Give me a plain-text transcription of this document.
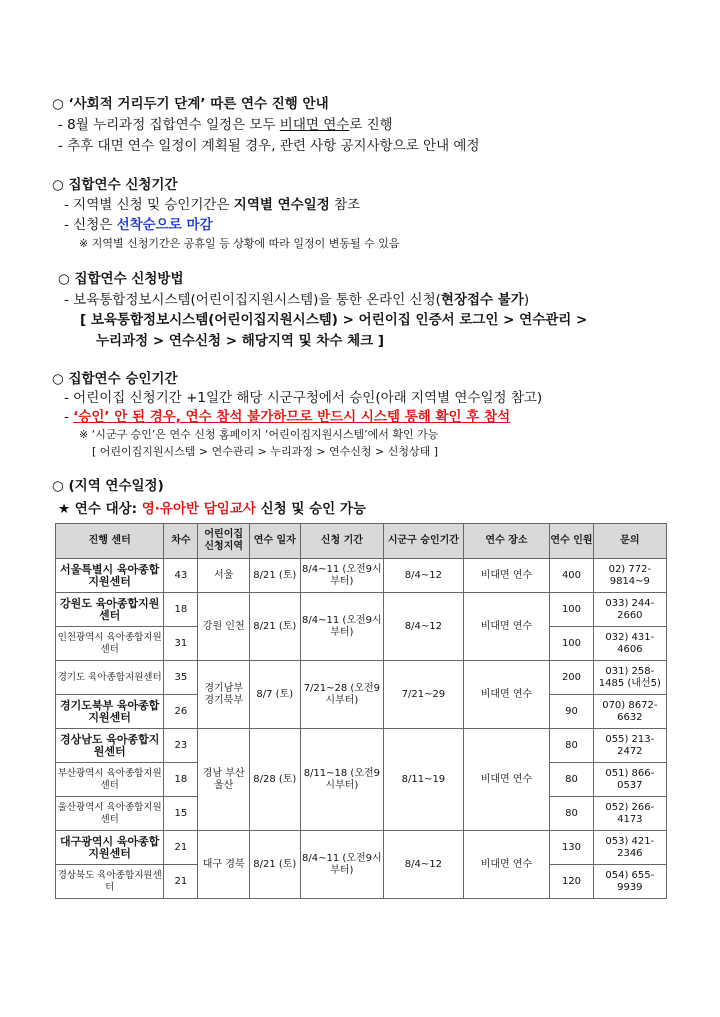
○ ‘사회적 거리두기 단계’ 따른 연수 진행 안내
- 8월 누리과정 집합연수 일정은 모두 비대면 연수로 진행
- 추후 대면 연수 일정이 계획될 경우, 관련 사항 공지사항으로 안내 예정
○ 집합연수 신청기간
- 지역별 신청 및 승인기간은 지역별 연수일정 참조
- 신청은 선착순으로 마감
※ 지역별 신청기간은 공휴일 등 상황에 따라 일정이 변동될 수 있음
○ 집합연수 신청방법
- 보육통합정보시스템(어린이집지원시스템)을 통한 온라인 신청(현장접수 불가)
[ 보육통합정보시스템(어린이집지원시스템) > 어린이집 인증서 로그인 > 연수관리 >
누리과정 > 연수신청 > 해당지역 및 차수 체크 ]
○ 집합연수 승인기간
- 어린이집 신청기간 +1일간 해당 시군구청에서 승인(아래 지역별 연수일정 참고)
- ‘승인’ 안 된 경우, 연수 참석 불가하므로 반드시 시스템 통해 확인 후 참석
※ ‘시군구 승인’은 연수 신청 홈페이지 ‘어린이집지원시스템’에서 확인 가능
[ 어린이집지원시스템 > 연수관리 > 누리과정 > 연수신청 > 신청상태 ]
○ (지역 연수일정)
★ 연수 대상: 영·유아반 담임교사 신청 및 승인 가능
진행 센터	차수	어린이집 신청지역	연수 일자	신청 기간	시군구 승인기간	연수 장소	연수 인원	문의
서울특별시 육아종합지원센터	43	서울	8/21 (토)	8/4~11 (오전9시부터)	8/4~12	비대면 연수	400	02) 772-9814~9
강원도 육아종합지원센터	18	강원 인천	8/21 (토)	8/4~11 (오전9시부터)	8/4~12	비대면 연수	100	033) 244-2660
인천광역시 육아종합지원센터	31						100	032) 431-4606
경기도 육아종합지원센터	35	경기남부 경기북부	8/7 (토)	7/21~28 (오전9시부터)	7/21~29	비대면 연수	200	031) 258-1485 (내선5)
경기도북부 육아종합지원센터	26						90	070) 8672-6632
경상남도 육아종합지원센터	23	경남 부산 울산	8/28 (토)	8/11~18 (오전9시부터)	8/11~19	비대면 연수	80	055) 213-2472
부산광역시 육아종합지원센터	18						80	051) 866-0537
울산광역시 육아종합지원센터	15						80	052) 266-4173
대구광역시 육아종합지원센터	21	대구 경북	8/21 (토)	8/4~11 (오전9시부터)	8/4~12	비대면 연수	130	053) 421-2346
경상북도 육아종합지원센터	21						120	054) 655-9939
